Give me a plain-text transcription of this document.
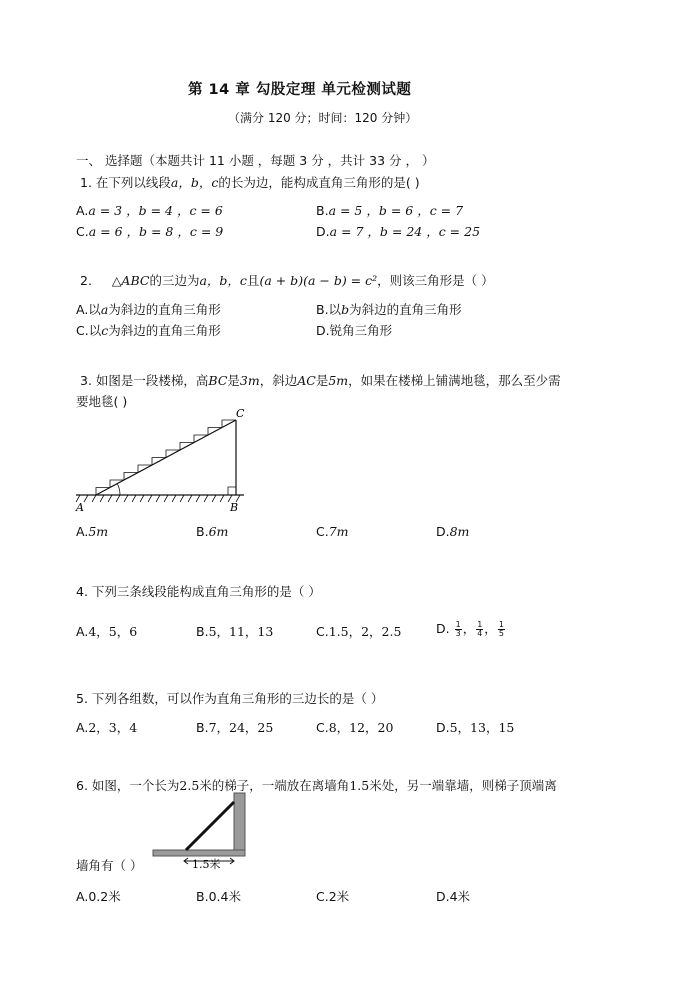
第 14 章 勾股定理 单元检测试题
（满分 120 分；时间：120 分钟）
一、 选择题（本题共计 11 小题 ，每题 3 分 ，共计 33 分 ， ）
1. 在下列以线段a，b，c的长为边，能构成直角三角形的是( )
A.a = 3 ，b = 4 ，c = 6	B.a = 5 ，b = 6 ，c = 7
C.a = 6 ，b = 8 ，c = 9	D.a = 7 ，b = 24 ，c = 25
2. △ABC的三边为a，b，c且(a + b)(a − b) = c²，则该三角形是（ ）
A.以a为斜边的直角三角形	B.以b为斜边的直角三角形
C.以c为斜边的直角三角形	D.锐角三角形
3. 如图是一段楼梯，高BC是3m，斜边AC是5m，如果在楼梯上铺满地毯，那么至少需
要地毯( )
A	B
C
A.5m	B.6m	C.7m	D.8m
4. 下列三条线段能构成直角三角形的是（ ）
A.4，5，6	B.5，11，13	C.1.5，2，2.5	D. $\frac{1}{3}$ ， $\frac{1}{4}$ ， $\frac{1}{5}$
5. 下列各组数，可以作为直角三角形的三边长的是（ ）
A.2，3，4	B.7，24，25	C.8，12，20	D.5，13，15
6. 如图，一个长为2.5米的梯子，一端放在离墙角1.5米处，另一端靠墙，则梯子顶端离
1.5米
墙角有（ ）
A.0.2米	B.0.4米	C.2米	D.4米
